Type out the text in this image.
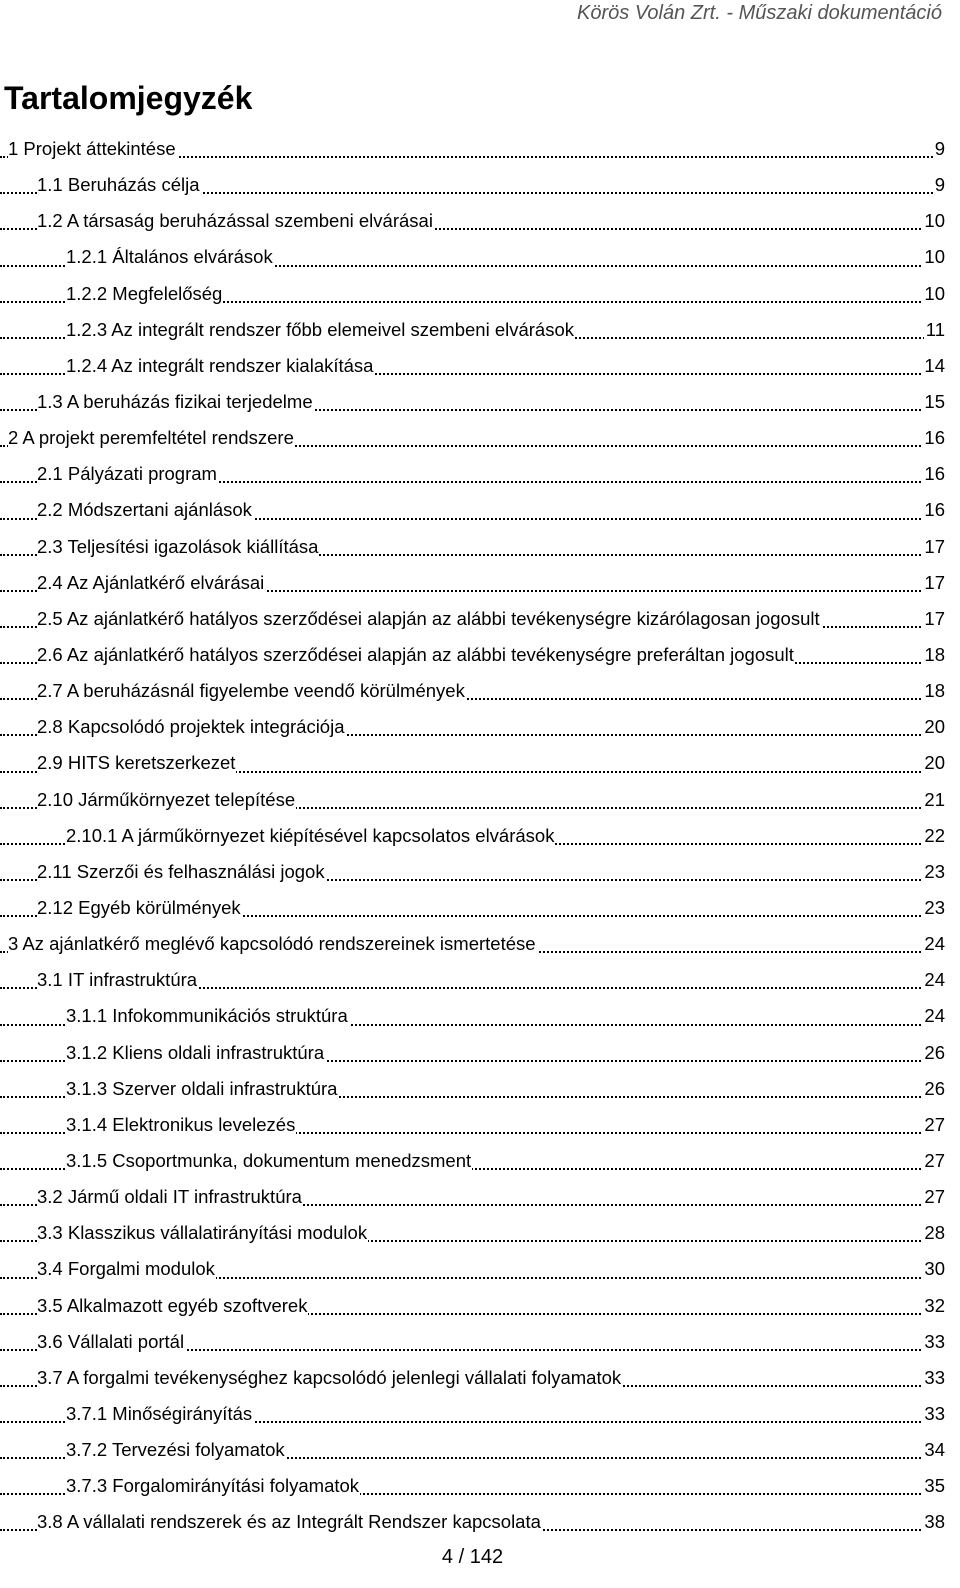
Körös Volán Zrt. - Műszaki dokumentáció
Tartalomjegyzék
1 Projekt áttekintése	9
1.1 Beruházás célja	9
1.2 A társaság beruházással szembeni elvárásai	10
1.2.1 Általános elvárások	10
1.2.2 Megfelelőség	10
1.2.3 Az integrált rendszer főbb elemeivel szembeni elvárások	11
1.2.4 Az integrált rendszer kialakítása	14
1.3 A beruházás fizikai terjedelme	15
2 A projekt peremfeltétel rendszere	16
2.1 Pályázati program	16
2.2 Módszertani ajánlások	16
2.3 Teljesítési igazolások kiállítása	17
2.4 Az Ajánlatkérő elvárásai	17
2.5 Az ajánlatkérő hatályos szerződései alapján az alábbi tevékenységre kizárólagosan jogosult	17
2.6 Az ajánlatkérő hatályos szerződései alapján az alábbi tevékenységre preferáltan jogosult	18
2.7 A beruházásnál figyelembe veendő körülmények	18
2.8 Kapcsolódó projektek integrációja	20
2.9 HITS keretszerkezet	20
2.10 Járműkörnyezet telepítése	21
2.10.1 A járműkörnyezet kiépítésével kapcsolatos elvárások	22
2.11 Szerzői és felhasználási jogok	23
2.12 Egyéb körülmények	23
3 Az ajánlatkérő meglévő kapcsolódó rendszereinek ismertetése	24
3.1 IT infrastruktúra	24
3.1.1 Infokommunikációs struktúra	24
3.1.2 Kliens oldali infrastruktúra	26
3.1.3 Szerver oldali infrastruktúra	26
3.1.4 Elektronikus levelezés	27
3.1.5 Csoportmunka, dokumentum menedzsment	27
3.2 Jármű oldali IT infrastruktúra	27
3.3 Klasszikus vállalatirányítási modulok	28
3.4 Forgalmi modulok	30
3.5 Alkalmazott egyéb szoftverek	32
3.6 Vállalati portál	33
3.7 A forgalmi tevékenységhez kapcsolódó jelenlegi vállalati folyamatok	33
3.7.1 Minőségirányítás	33
3.7.2 Tervezési folyamatok	34
3.7.3 Forgalomirányítási folyamatok	35
3.8 A vállalati rendszerek és az Integrált Rendszer kapcsolata	38
4 / 142
